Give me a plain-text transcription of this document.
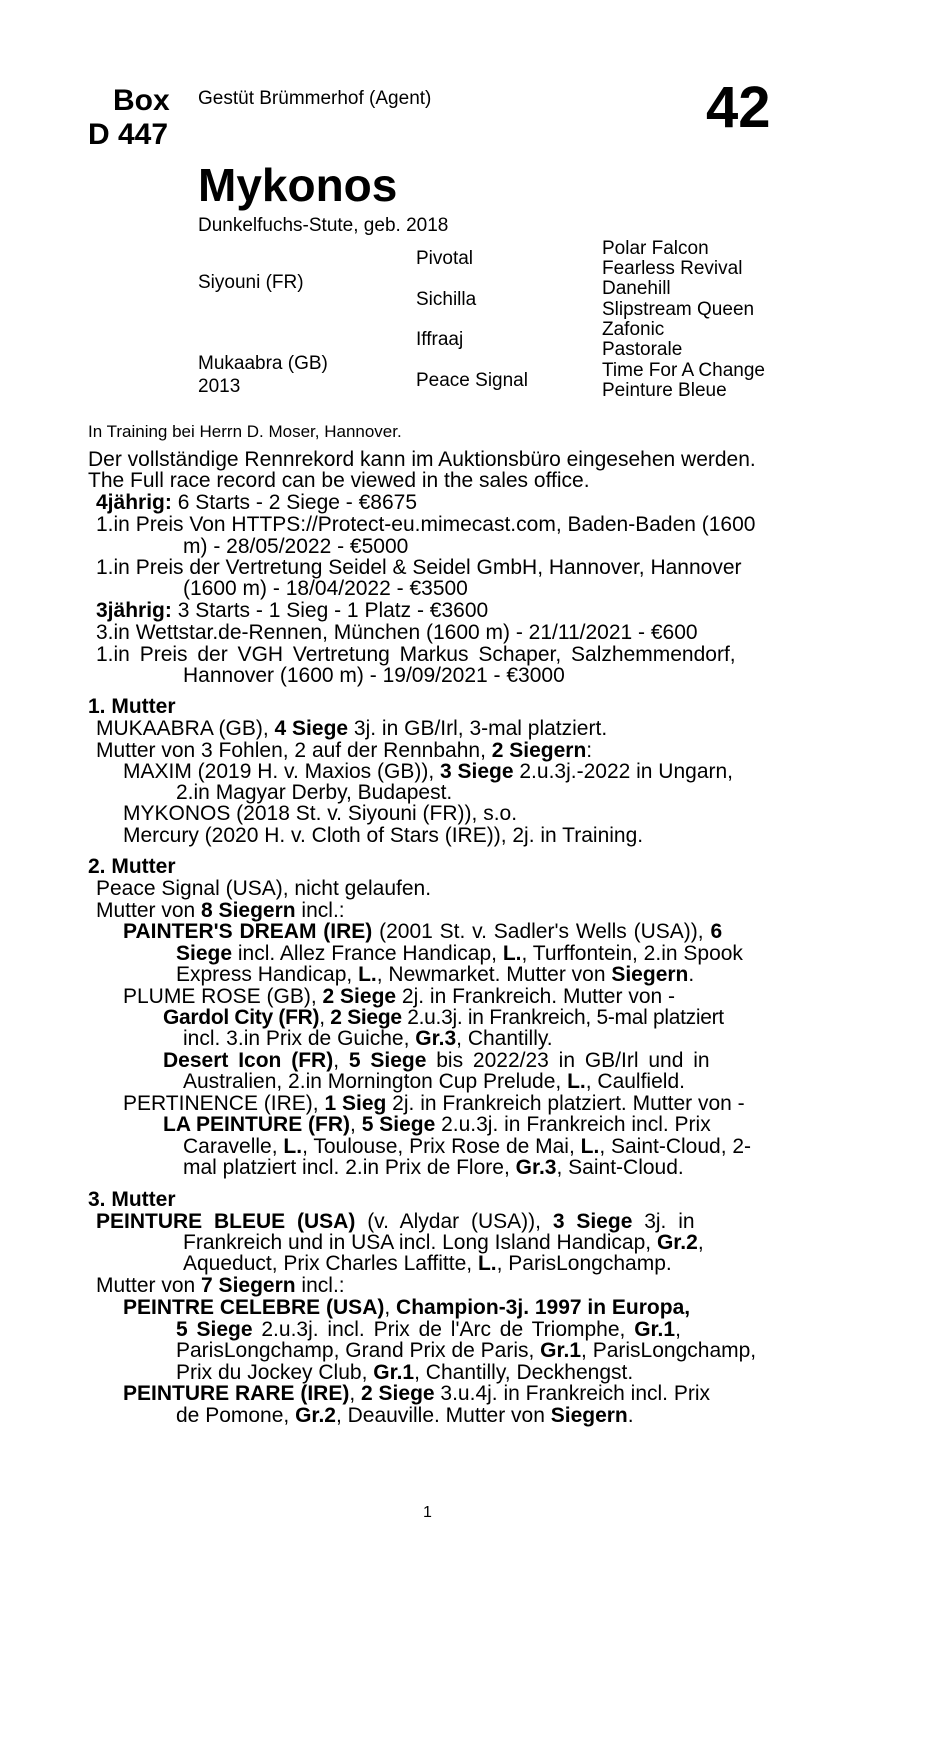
Box
D 447
Gestüt Brümmerhof (Agent)	42
Mykonos
Dunkelfuchs-Stute, geb. 2018
Siyouni (FR)
Mukaabra (GB)
2013
Pivotal
Sichilla
Iffraaj
Peace Signal
Polar Falcon
Fearless Revival
Danehill
Slipstream Queen
Zafonic
Pastorale
Time For A Change
Peinture Bleue
In Training bei Herrn D. Moser, Hannover.
Der vollständige Rennrekord kann im Auktionsbüro eingesehen werden.
The Full race record can be viewed in the sales office.
4jährig: 6 Starts - 2 Siege - €8675
1.in Preis Von HTTPS://Protect-eu.mimecast.com, Baden-Baden (1600
m) - 28/05/2022 - €5000
1.in Preis der Vertretung Seidel & Seidel GmbH, Hannover, Hannover
(1600 m) - 18/04/2022 - €3500
3jährig: 3 Starts - 1 Sieg - 1 Platz - €3600
3.in Wettstar.de-Rennen, München (1600 m) - 21/11/2021 - €600
1.in Preis der VGH Vertretung Markus Schaper, Salzhemmendorf,
Hannover (1600 m) - 19/09/2021 - €3000
1. Mutter
MUKAABRA (GB), 4 Siege 3j. in GB/Irl, 3-mal platziert.
Mutter von 3 Fohlen, 2 auf der Rennbahn, 2 Siegern:
MAXIM (2019 H. v. Maxios (GB)), 3 Siege 2.u.3j.-2022 in Ungarn,
2.in Magyar Derby, Budapest.
MYKONOS (2018 St. v. Siyouni (FR)), s.o.
Mercury (2020 H. v. Cloth of Stars (IRE)), 2j. in Training.
2. Mutter
Peace Signal (USA), nicht gelaufen.
Mutter von 8 Siegern incl.:
PAINTER'S DREAM (IRE) (2001 St. v. Sadler's Wells (USA)), 6
Siege incl. Allez France Handicap, L., Turffontein, 2.in Spook
Express Handicap, L., Newmarket. Mutter von Siegern.
PLUME ROSE (GB), 2 Siege 2j. in Frankreich. Mutter von -
Gardol City (FR), 2 Siege 2.u.3j. in Frankreich, 5-mal platziert
incl. 3.in Prix de Guiche, Gr.3, Chantilly.
Desert Icon (FR), 5 Siege bis 2022/23 in GB/Irl und in
Australien, 2.in Mornington Cup Prelude, L., Caulfield.
PERTINENCE (IRE), 1 Sieg 2j. in Frankreich platziert. Mutter von -
LA PEINTURE (FR), 5 Siege 2.u.3j. in Frankreich incl. Prix
Caravelle, L., Toulouse, Prix Rose de Mai, L., Saint-Cloud, 2-
mal platziert incl. 2.in Prix de Flore, Gr.3, Saint-Cloud.
3. Mutter
PEINTURE BLEUE (USA) (v. Alydar (USA)), 3 Siege 3j. in
Frankreich und in USA incl. Long Island Handicap, Gr.2,
Aqueduct, Prix Charles Laffitte, L., ParisLongchamp.
Mutter von 7 Siegern incl.:
PEINTRE CELEBRE (USA), Champion-3j. 1997 in Europa,
5 Siege 2.u.3j. incl. Prix de l'Arc de Triomphe, Gr.1,
ParisLongchamp, Grand Prix de Paris, Gr.1, ParisLongchamp,
Prix du Jockey Club, Gr.1, Chantilly, Deckhengst.
PEINTURE RARE (IRE), 2 Siege 3.u.4j. in Frankreich incl. Prix
de Pomone, Gr.2, Deauville. Mutter von Siegern.
1
